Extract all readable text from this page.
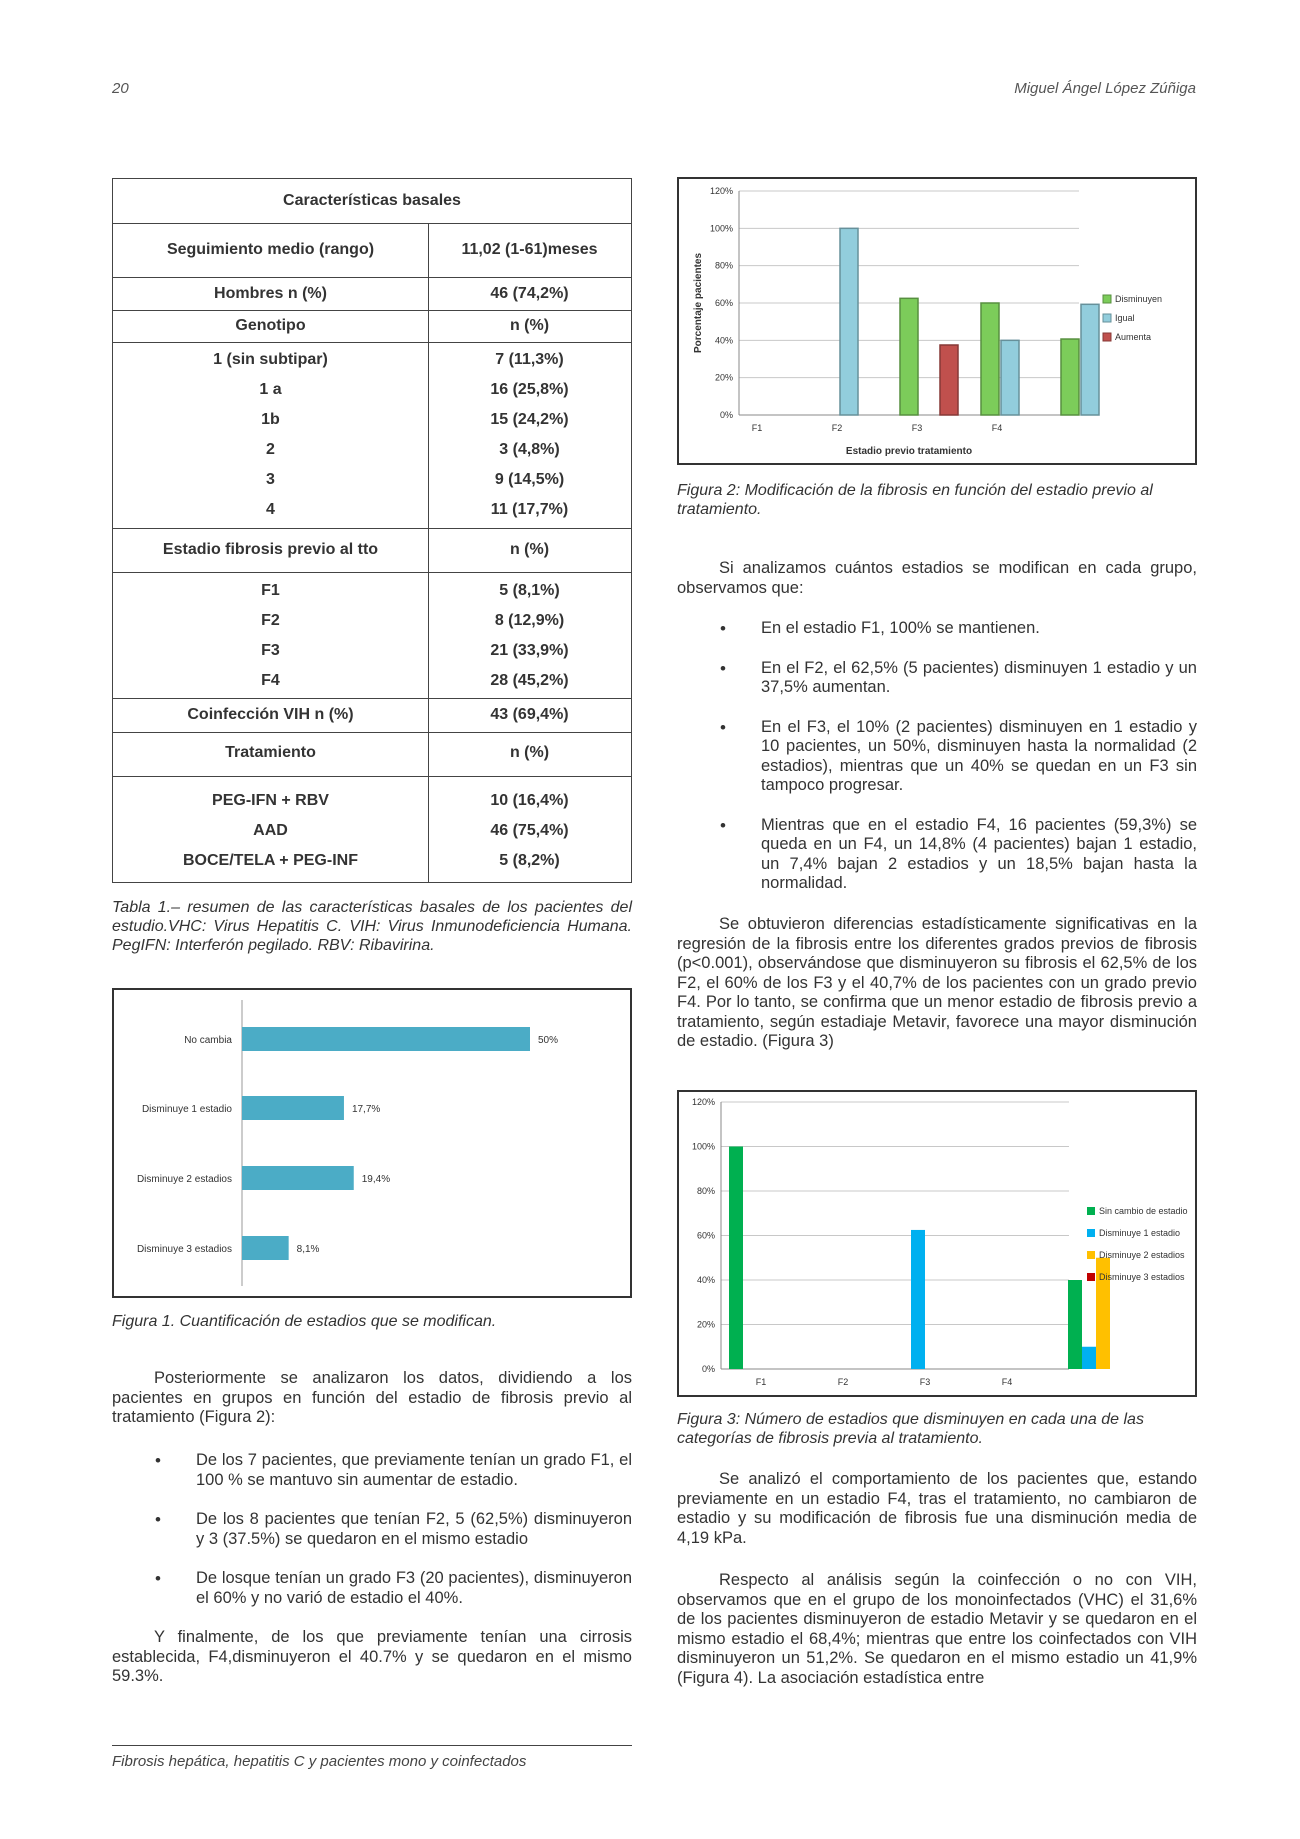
20	Miguel Ángel López Zúñiga
Características basales
Seguimiento medio (rango)	11,02 (1-61)meses
Hombres n (%)	46 (74,2%)
Genotipo	n (%)
1 (sin subtipar)	7 (11,3%)
1 a	16 (25,8%)
1b	15 (24,2%)
2	3 (4,8%)
3	9 (14,5%)
4	11 (17,7%)
Estadio fibrosis previo al tto	n (%)
F1	5 (8,1%)
F2	8 (12,9%)
F3	21 (33,9%)
F4	28 (45,2%)
Coinfección VIH n (%)	43 (69,4%)
Tratamiento	n (%)
PEG-IFN + RBV	10 (16,4%)
AAD	46 (75,4%)
BOCE/TELA + PEG-INF	5 (8,2%)
Tabla 1.– resumen de las características basales de los pacientes del estudio.VHC: Virus Hepatitis C. VIH: Virus Inmunodeficiencia Humana. PegIFN: Interferón pegilado. RBV: Ribavirina.
No cambia	50%
Disminuye 1 estadio	17,7%
Disminuye 2 estadios	19,4%
Disminuye 3 estadios	8,1%
Figura 1. Cuantificación de estadios que se modifican.
Posteriormente se analizaron los datos, dividiendo a los pacientes en grupos en función del estadio de fibrosis previo al tratamiento (Figura 2):
• De los 7 pacientes, que previamente tenían un grado F1, el 100 % se mantuvo sin aumentar de estadio.
• De los 8 pacientes que tenían F2, 5 (62,5%) disminuyeron y 3 (37.5%) se quedaron en el mismo estadio
• De losque tenían un grado F3 (20 pacientes), disminuyeron el 60% y no varió de estadio el 40%.
Y finalmente, de los que previamente tenían una cirrosis establecida, F4,disminuyeron el 40.7% y se quedaron en el mismo 59.3%.
Fibrosis hepática, hepatitis C y pacientes mono y coinfectados
0%
20%
40%
60%
80%
100%
120%
F1	F2	F3	F4
Disminuyen
Igual
Aumenta
Estadio previo tratamiento
Porcentaje pacientes
Figura 2: Modificación de la fibrosis en función del estadio previo al tratamiento.
Si analizamos cuántos estadios se modifican en cada grupo, observamos que:
• En el estadio F1, 100% se mantienen.
• En el F2, el 62,5% (5 pacientes) disminuyen 1 estadio y un 37,5% aumentan.
• En el F3, el 10% (2 pacientes) disminuyen en 1 estadio y 10 pacientes, un 50%, disminuyen hasta la normalidad (2 estadios), mientras que un 40% se quedan en un F3 sin tampoco progresar.
• Mientras que en el estadio F4, 16 pacientes (59,3%) se queda en un F4, un 14,8% (4 pacientes) bajan 1 estadio, un 7,4% bajan 2 estadios y un 18,5% bajan hasta la normalidad.
Se obtuvieron diferencias estadísticamente significativas en la regresión de la fibrosis entre los diferentes grados previos de fibrosis (p<0.001), observándose que disminuyeron su fibrosis el 62,5% de los F2, el 60% de los F3 y el 40,7% de los pacientes con un grado previo F4. Por lo tanto, se confirma que un menor estadio de fibrosis previo a tratamiento, según estadiaje Metavir, favorece una mayor disminución de estadio. (Figura 3)
0%
20%
40%
60%
80%
100%
120%
F1	F2	F3	F4
Sin cambio de estadio
Disminuye 1 estadio
Disminuye 2 estadios
Disminuye 3 estadios
Figura 3: Número de estadios que disminuyen en cada una de las categorías de fibrosis previa al tratamiento.
Se analizó el comportamiento de los pacientes que, estando previamente en un estadio F4, tras el tratamiento, no cambiaron de estadio y su modificación de fibrosis fue una disminución media de 4,19 kPa.
Respecto al análisis según la coinfección o no con VIH, observamos que en el grupo de los monoinfectados (VHC) el 31,6% de los pacientes disminuyeron de estadio Metavir y se quedaron en el mismo estadio el 68,4%; mientras que entre los coinfectados con VIH disminuyeron un 51,2%. Se quedaron en el mismo estadio un 41,9% (Figura 4). La asociación estadística entre
